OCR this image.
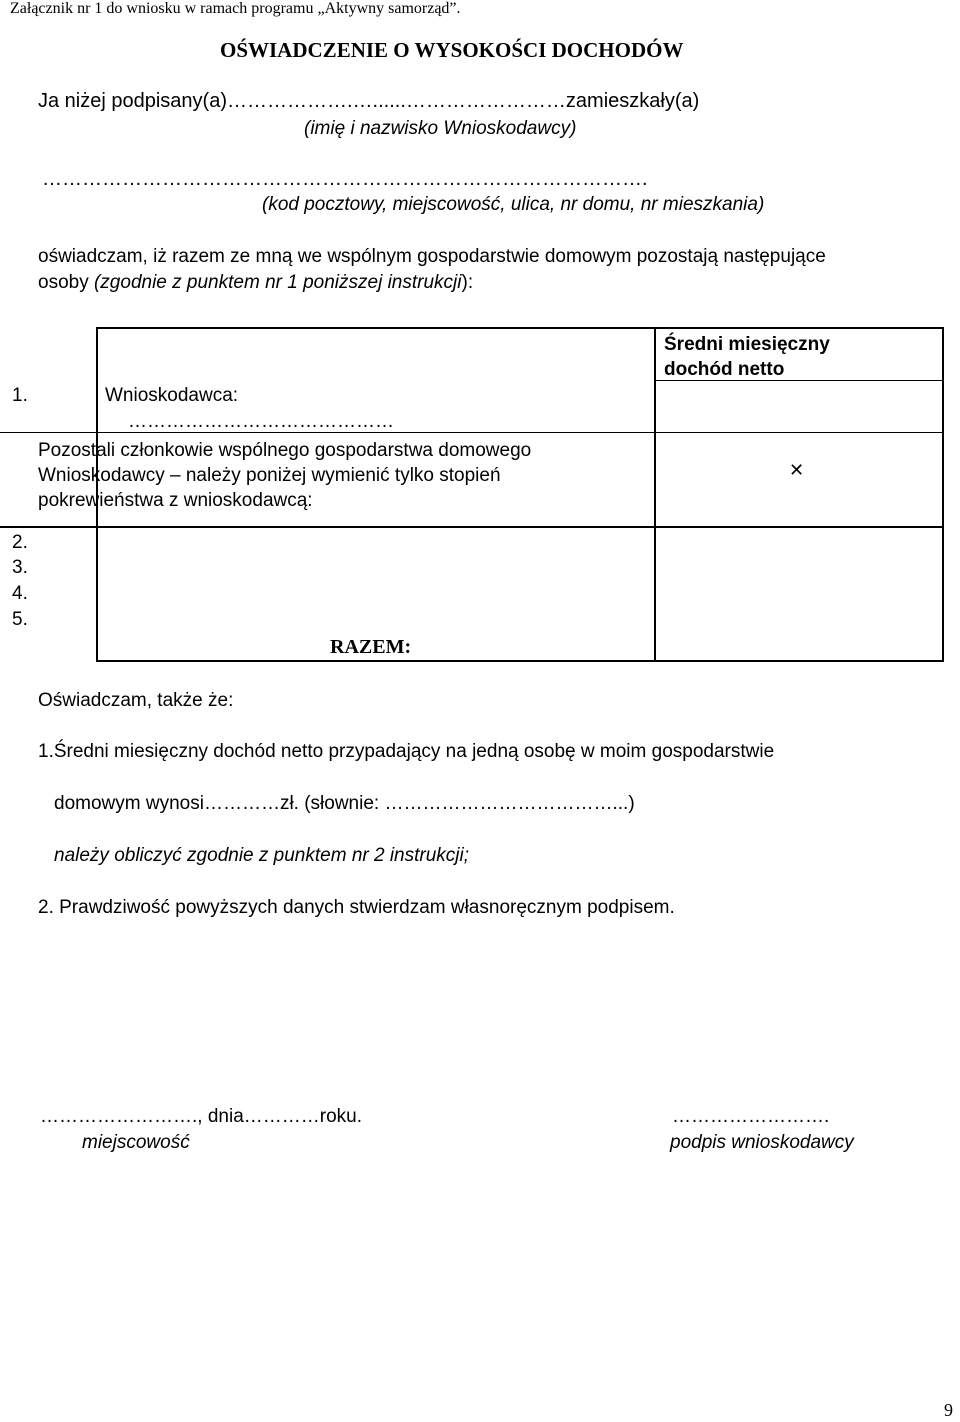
Załącznik nr 1 do wniosku w ramach programu „Aktywny samorząd”.
OŚWIADCZENIE O WYSOKOŚCI DOCHODÓW
Ja niżej podpisany(a)……………….…......……………………zamieszkały(a)
(imię i nazwisko Wnioskodawcy)
……………………………………………………………………………….
(kod pocztowy, miejscowość, ulica, nr domu, nr mieszkania)
oświadczam, iż razem ze mną we wspólnym gospodarstwie domowym pozostają następujące
osoby (zgodnie z punktem nr 1 poniższej instrukcji):
Średni miesięczny
dochód netto
1.	Wnioskodawca:
……………………………………
Pozostali członkowie wspólnego gospodarstwa domowego
Wnioskodawcy – należy poniżej wymienić tylko stopień
pokrewieństwa z wnioskodawcą:
✕
2.
3.
4.
5.
RAZEM:
Oświadczam, także że:
1.Średni miesięczny dochód netto przypadający na jedną osobę w moim gospodarstwie
domowym wynosi…………zł. (słownie: ………………………………...)
należy obliczyć zgodnie z punktem nr 2 instrukcji;
2. Prawdziwość powyższych danych stwierdzam własnoręcznym podpisem.
……………………., dnia…………roku.
miejscowość
…………………….
podpis wnioskodawcy
9
